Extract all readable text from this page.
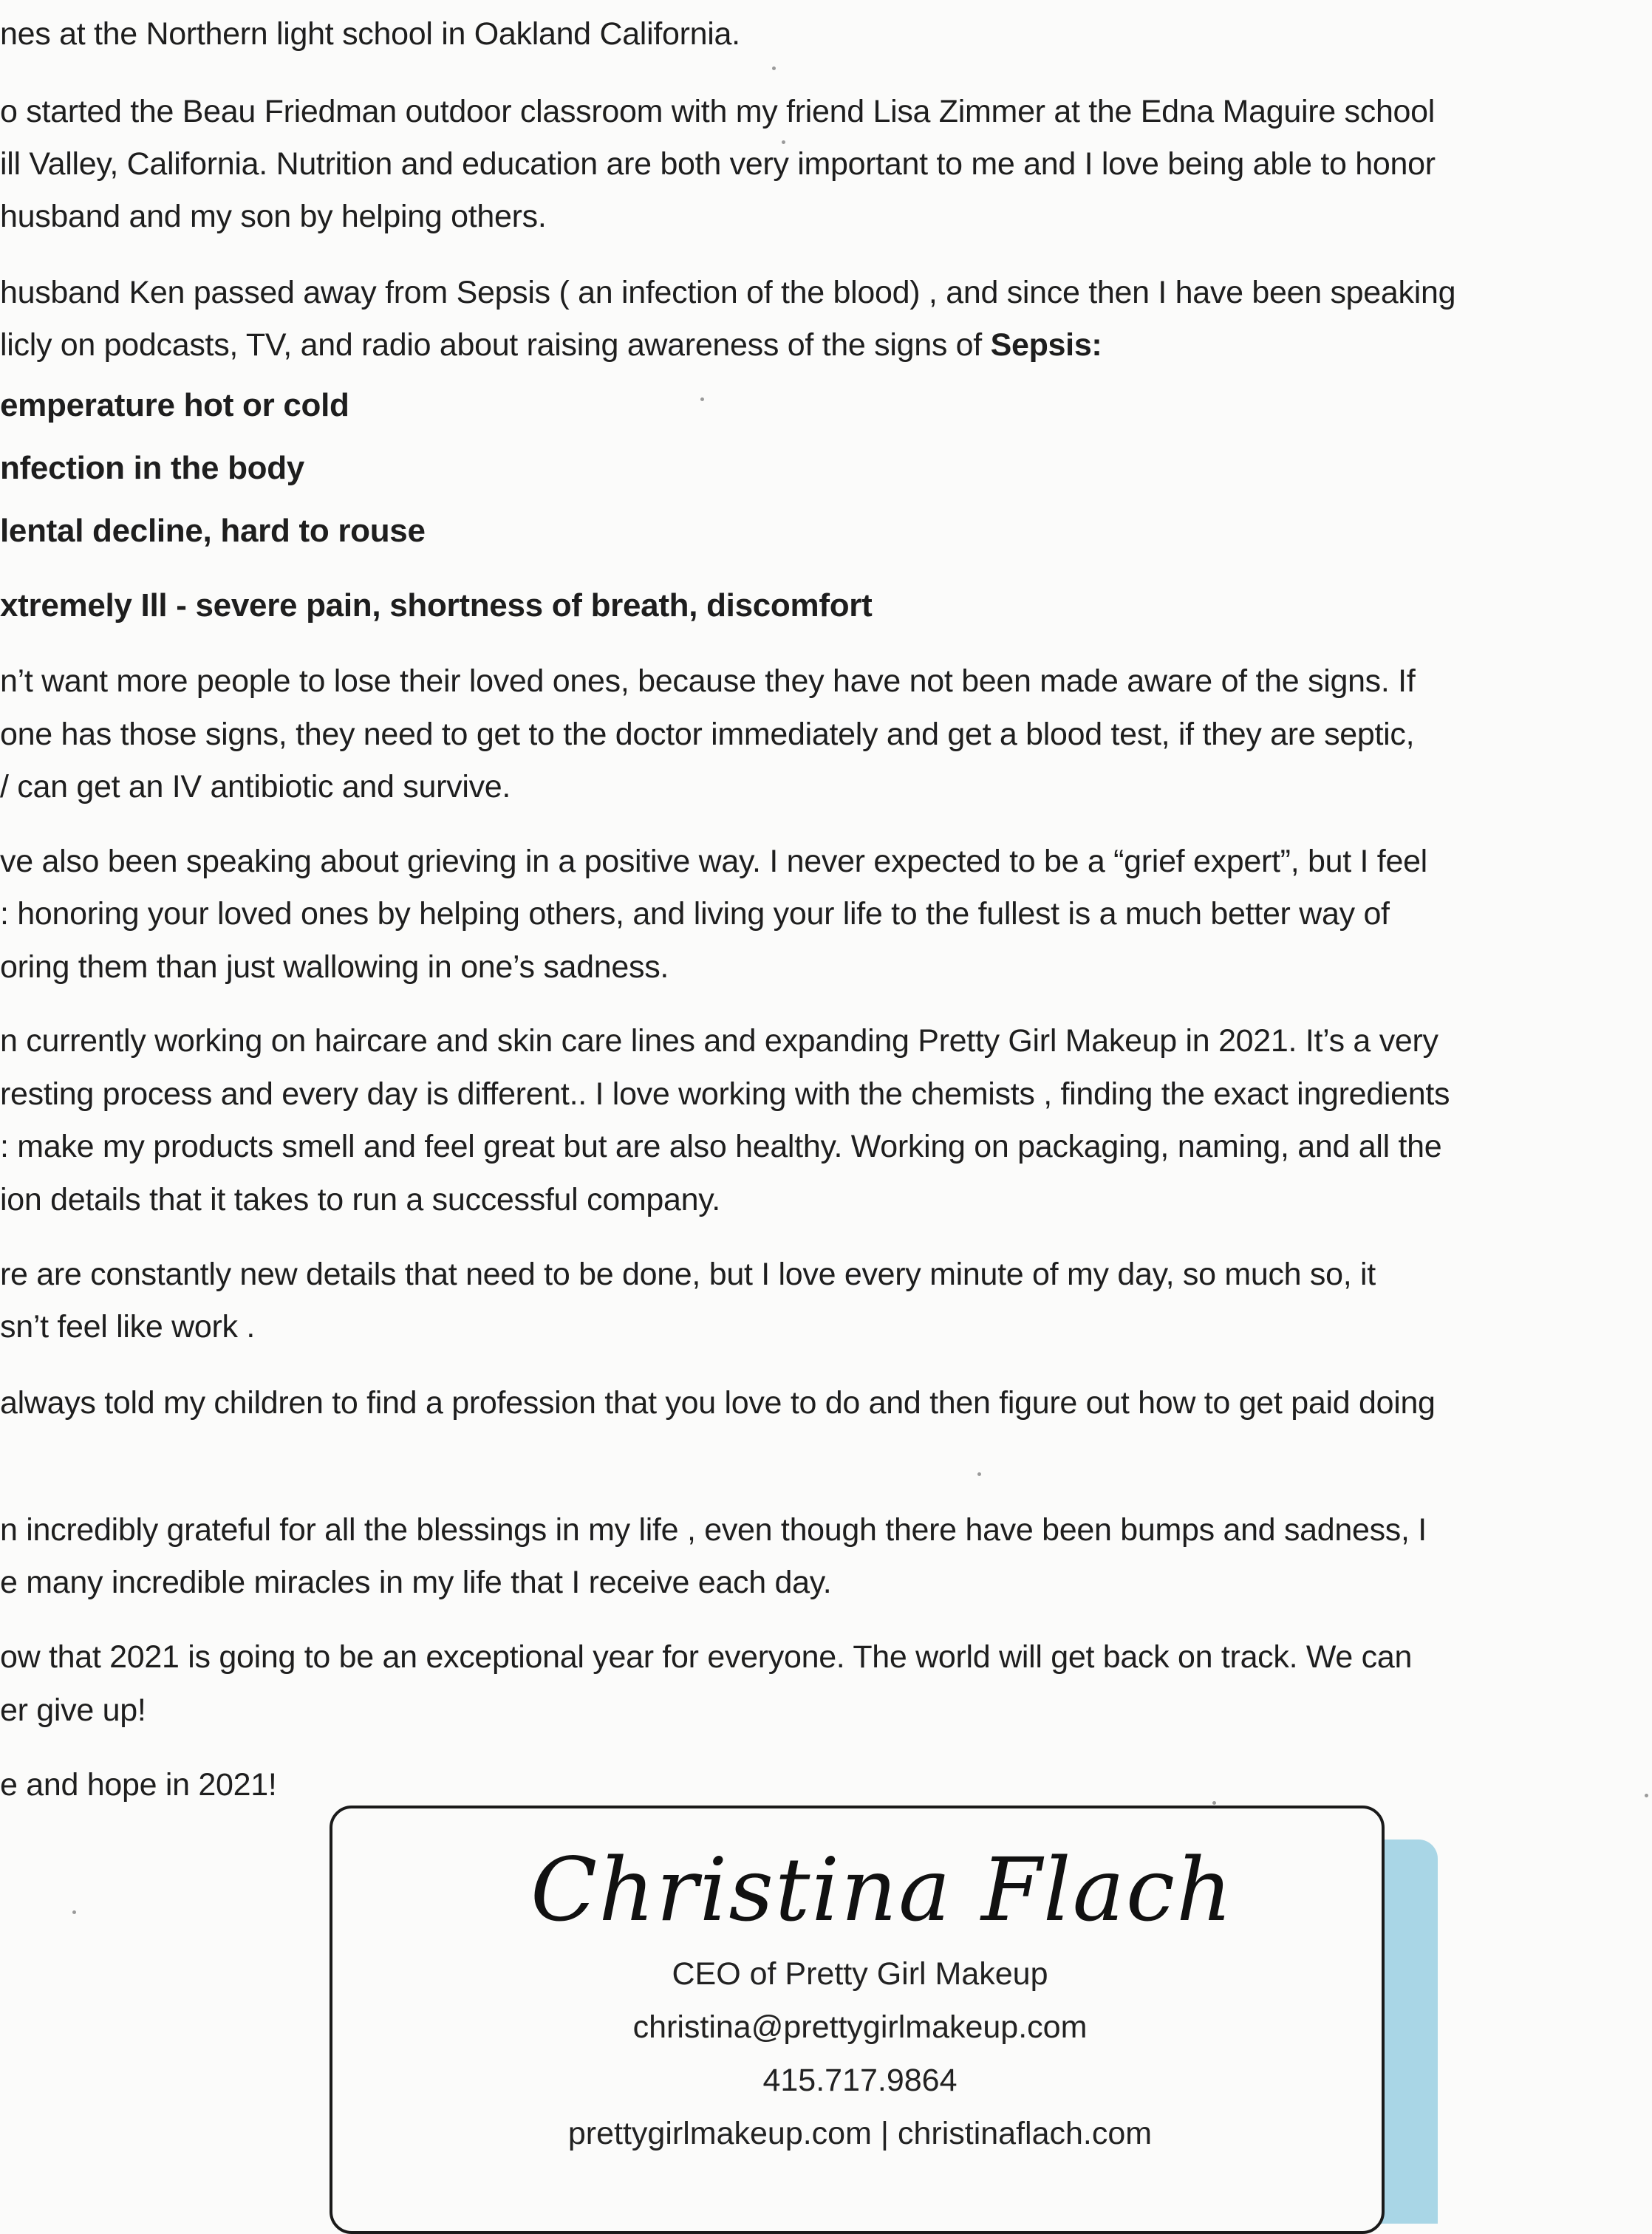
nes at the Northern light school in Oakland California.

o started the Beau Friedman outdoor classroom with my friend Lisa Zimmer at the Edna Maguire school

ill Valley, California. Nutrition and education are both very important to me and I love being able to honor

husband and my son by helping others.

husband Ken passed away from Sepsis ( an infection of the blood) , and since then I have been speaking

licly on podcasts, TV, and radio about raising awareness of the signs of Sepsis:

emperature hot or cold

nfection in the body

lental decline, hard to rouse

xtremely Ill - severe pain, shortness of breath, discomfort

n’t want more people to lose their loved ones, because they have not been made aware of the signs. If

one has those signs, they need to get to the doctor immediately and get a blood test, if they are septic,

/ can get an IV antibiotic and survive.

ve also been speaking about grieving in a positive way. I never expected to be a “grief expert”, but I feel

: honoring your loved ones by helping others, and living your life to the fullest is a much better way of

oring them than just wallowing in one’s sadness.

n currently working on haircare and skin care lines and expanding Pretty Girl Makeup in 2021. It’s a very

resting process and every day is different.. I love working with the chemists , finding the exact ingredients

: make my products smell and feel great but are also healthy. Working on packaging, naming, and all the

ion details that it takes to run a successful company.

re are constantly new details that need to be done, but I love every minute of my day, so much so, it

sn’t feel like work .

always told my children to find a profession that you love to do and then figure out how to get paid doing

n incredibly grateful for all the blessings in my life , even though there have been bumps and sadness, I

e many incredible miracles in my life that I receive each day.

ow that 2021 is going to be an exceptional year for everyone. The world will get back on track. We can

er give up!

e and hope in 2021!

Christina Flach
CEO of Pretty Girl Makeup
christina@prettygirlmakeup.com
415.717.9864
prettygirlmakeup.com | christinaflach.com
